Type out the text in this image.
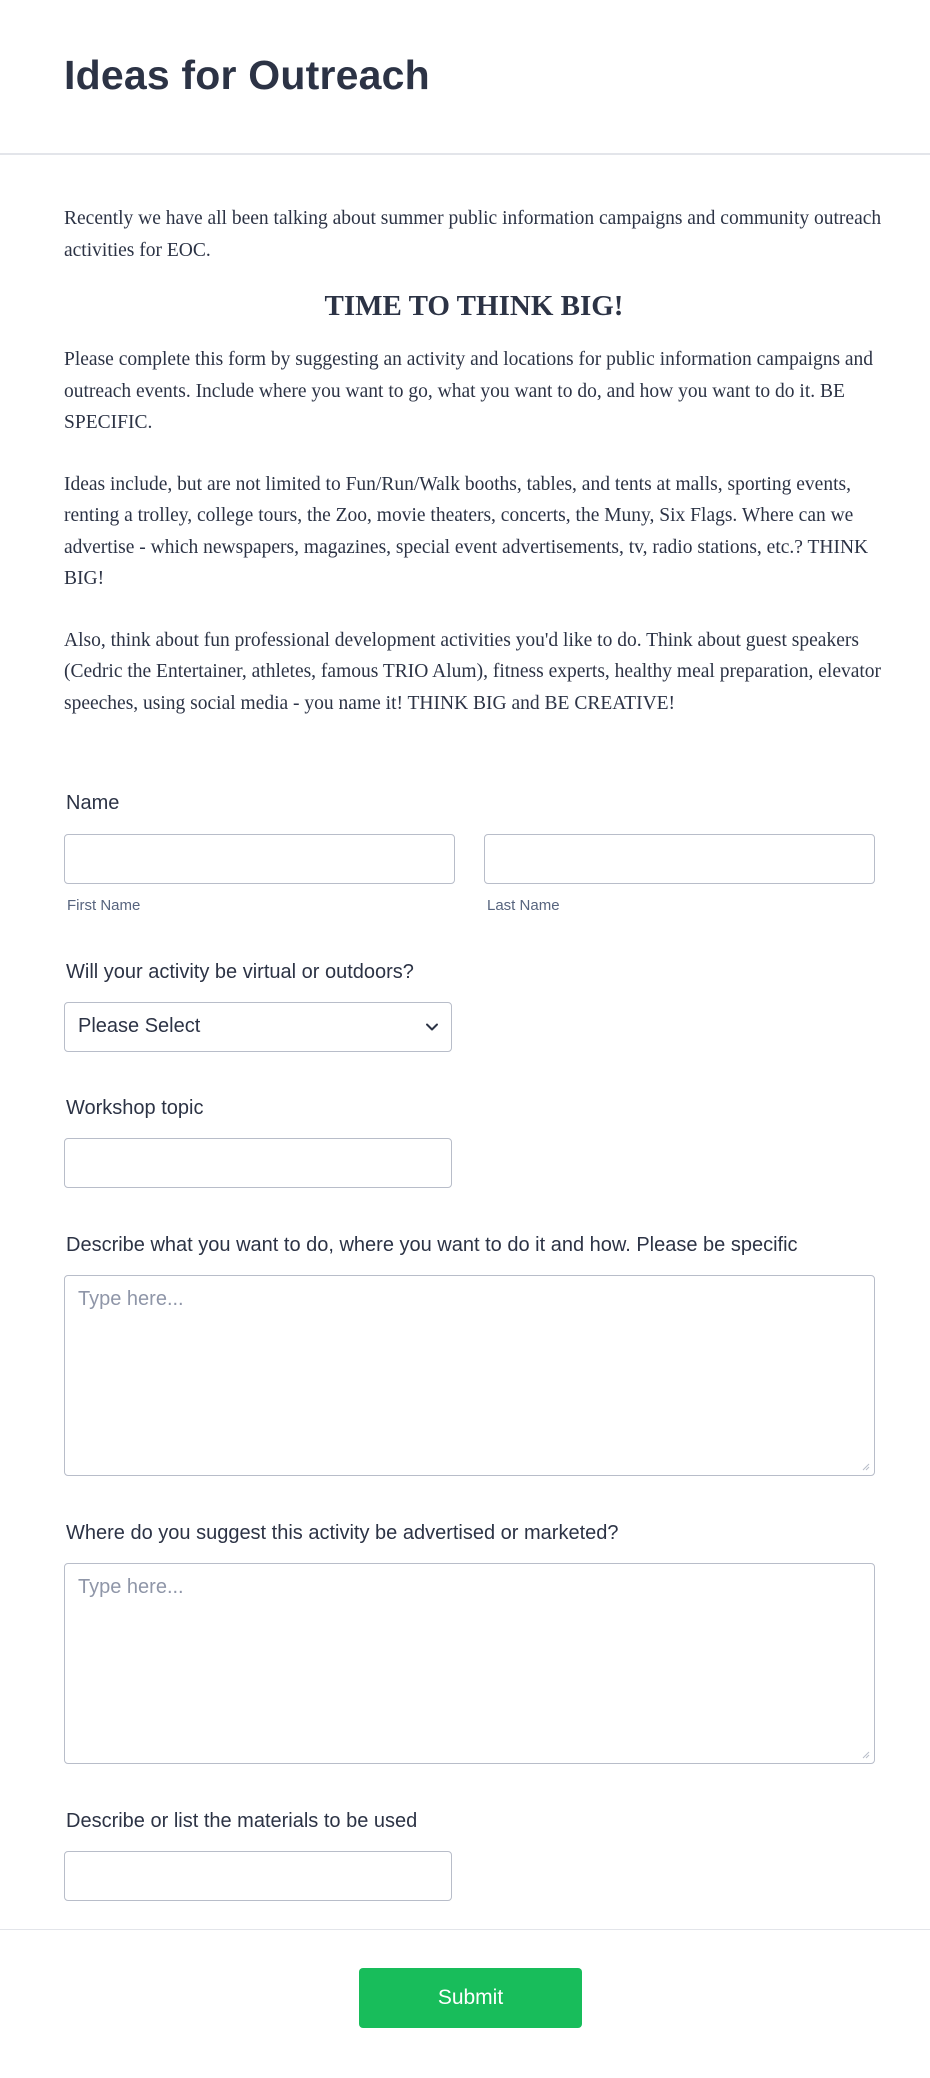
Ideas for Outreach

Recently we have all been talking about summer public information campaigns and community outreach activities for EOC.

TIME TO THINK BIG!

Please complete this form by suggesting an activity and locations for public information campaigns and outreach events. Include where you want to go, what you want to do, and how you want to do it. BE SPECIFIC.

Ideas include, but are not limited to Fun/Run/Walk booths, tables, and tents at malls, sporting events, renting a trolley, college tours, the Zoo, movie theaters, concerts, the Muny, Six Flags. Where can we advertise - which newspapers, magazines, special event advertisements, tv, radio stations, etc.? THINK BIG!

Also, think about fun professional development activities you'd like to do. Think about guest speakers (Cedric the Entertainer, athletes, famous TRIO Alum), fitness experts, healthy meal preparation, elevator speeches, using social media - you name it! THINK BIG and BE CREATIVE!

Name
First Name	Last Name
Will your activity be virtual or outdoors?
Please Select
Workshop topic
Describe what you want to do, where you want to do it and how. Please be specific
Type here...
Where do you suggest this activity be advertised or marketed?
Type here...
Describe or list the materials to be used
Submit
